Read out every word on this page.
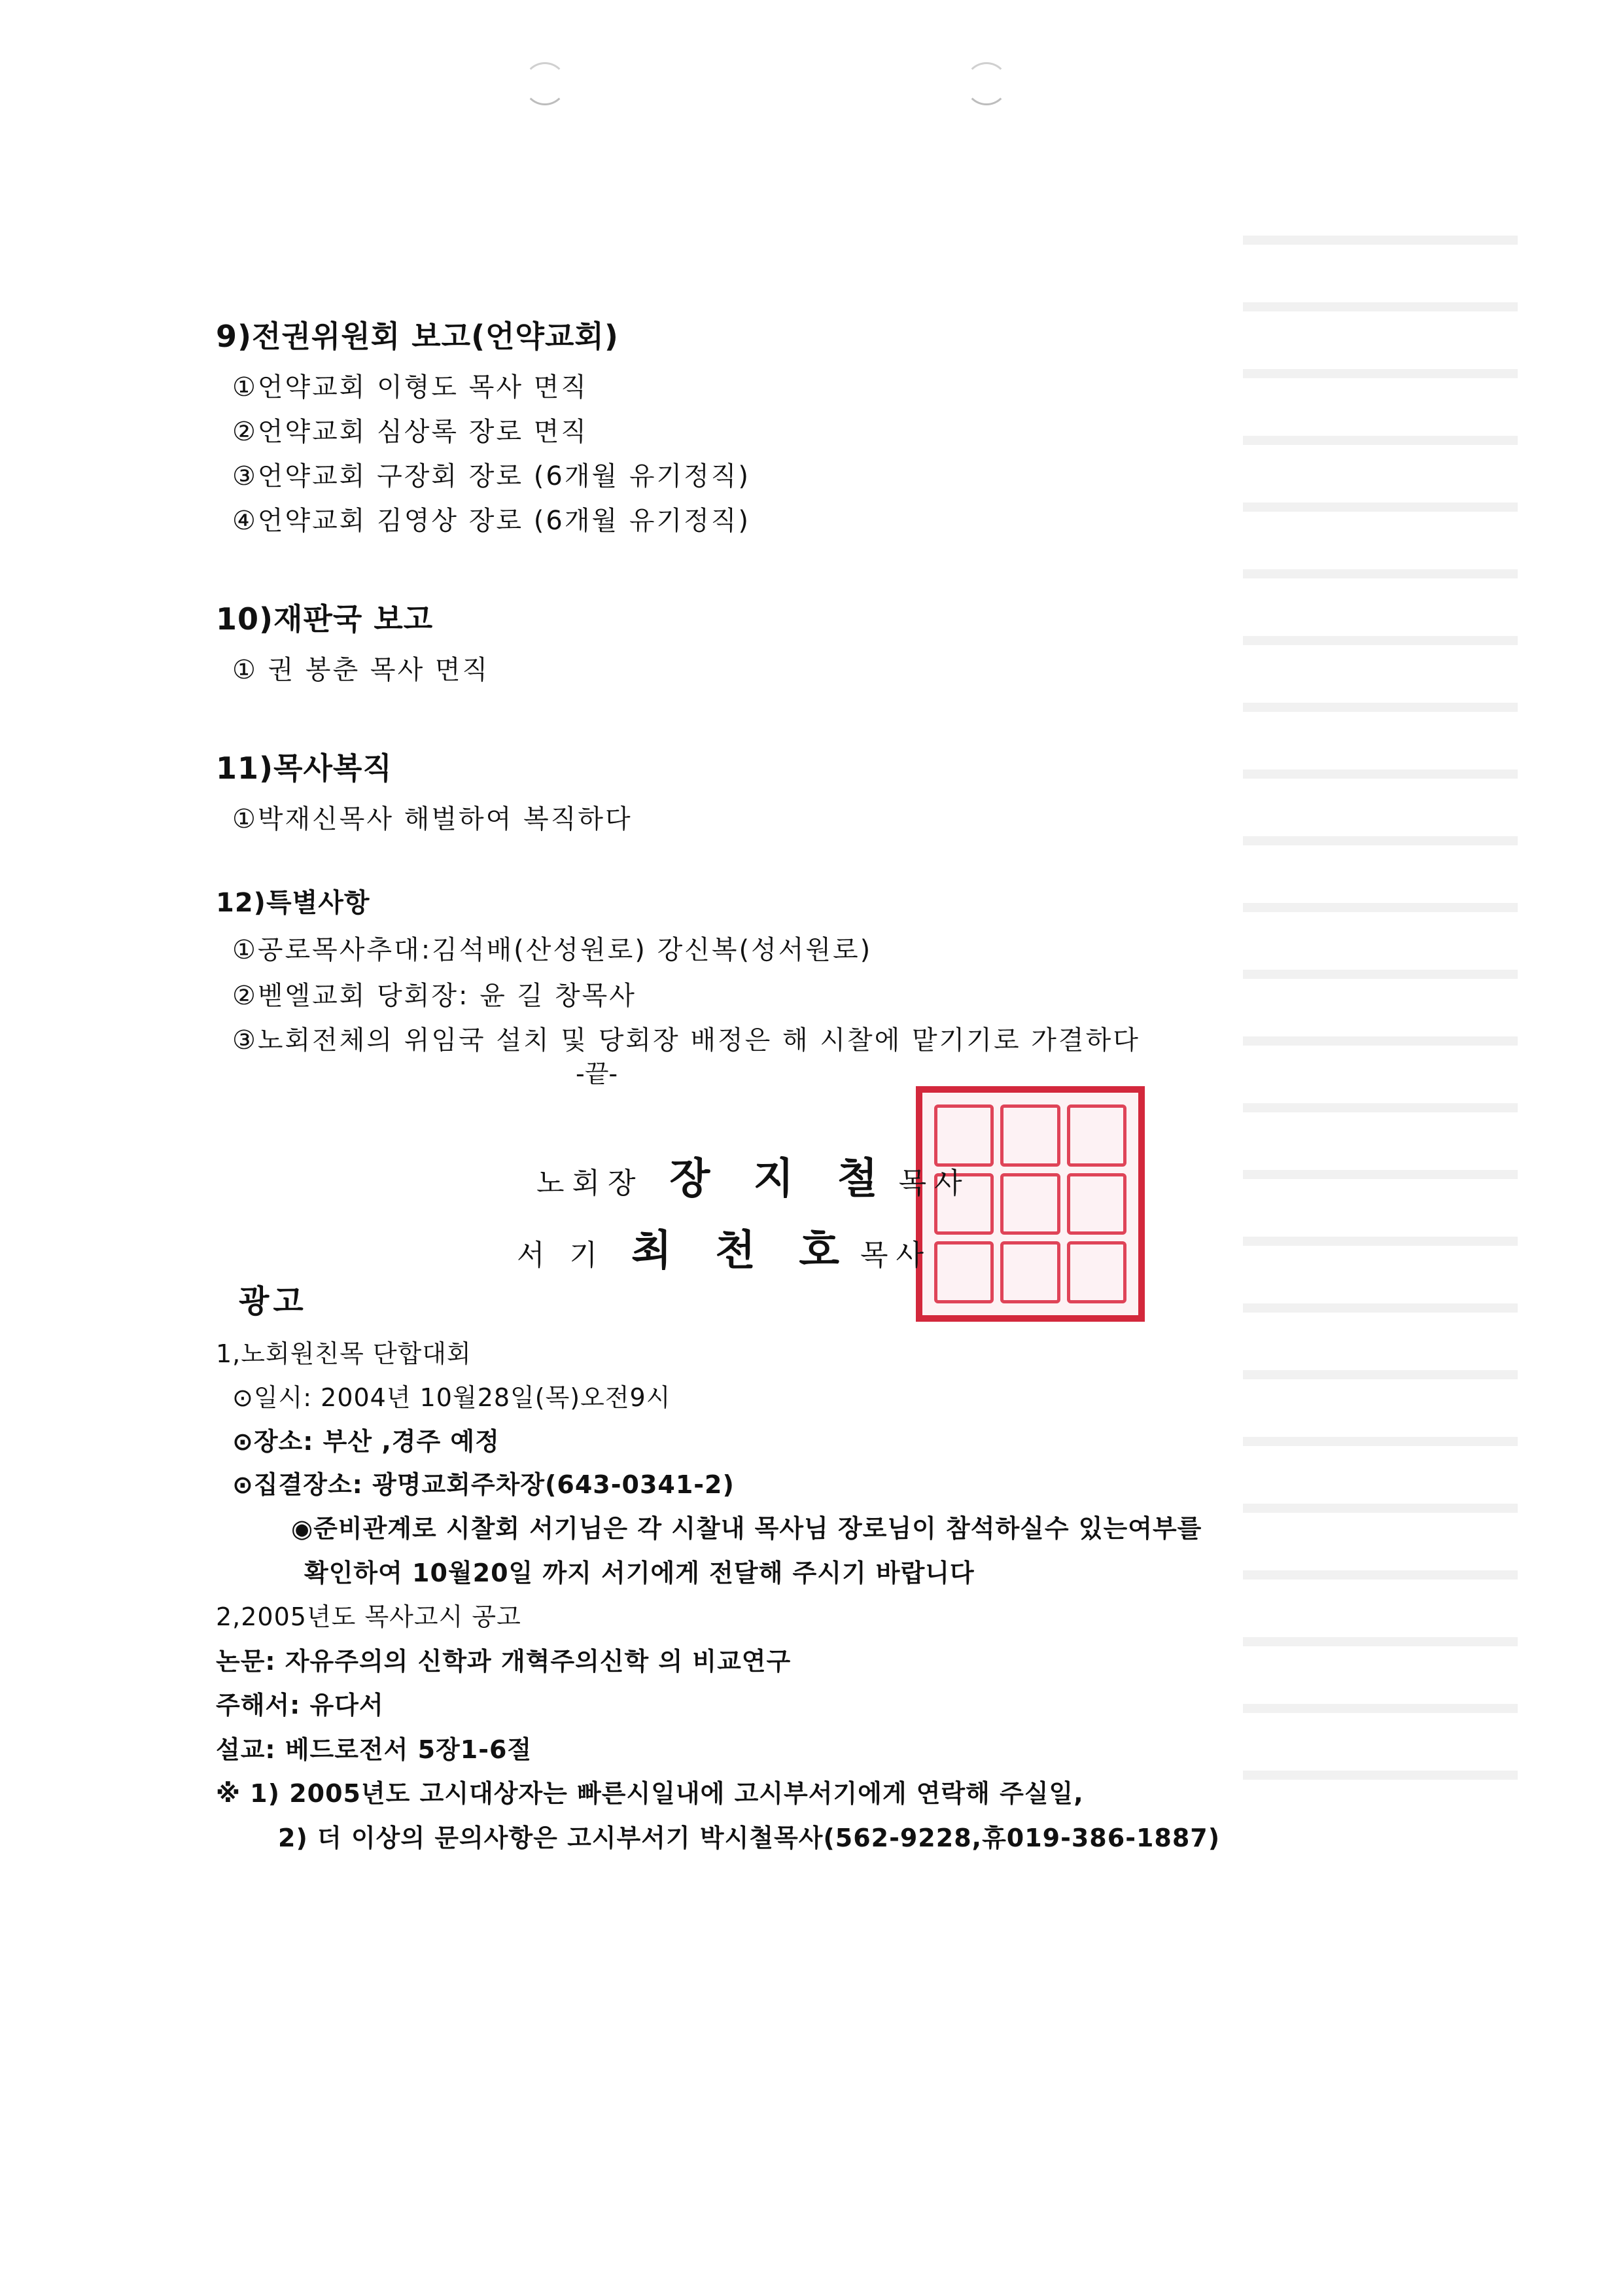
9)전권위원회 보고(언약교회)
①언약교회 이형도 목사 면직
②언약교회 심상록 장로 면직
③언약교회 구장회 장로 (6개월 유기정직)
④언약교회 김영상 장로 (6개월 유기정직)
10)재판국 보고
① 권 봉춘 목사 면직
11)목사복직
①박재신목사 해벌하여 복직하다
12)특별사항
①공로목사추대:김석배(산성원로) 강신복(성서원로)
②벧엘교회 당회장: 윤 길 창목사
③노회전체의 위임국 설치 및 당회장 배정은 해 시찰에 맡기기로 가결하다
-끝-
노회장 장 지 철 목사
서 기 최 천 호 목사
광고
1,노회원친목 단합대회
⊙일시: 2004년 10월28일(목)오전9시
⊙장소: 부산 ,경주 예정
⊙집결장소: 광명교회주차장(643-0341-2)
◉준비관계로 시찰회 서기님은 각 시찰내 목사님 장로님이 참석하실수 있는여부를
확인하여 10월20일 까지 서기에게 전달해 주시기 바랍니다
2,2005년도 목사고시 공고
논문: 자유주의의 신학과 개혁주의신학 의 비교연구
주해서: 유다서
설교: 베드로전서 5장1-6절
※ 1) 2005년도 고시대상자는 빠른시일내에 고시부서기에게 연락해 주실일,
2) 더 이상의 문의사항은 고시부서기 박시철목사(562-9228,휴019-386-1887)
